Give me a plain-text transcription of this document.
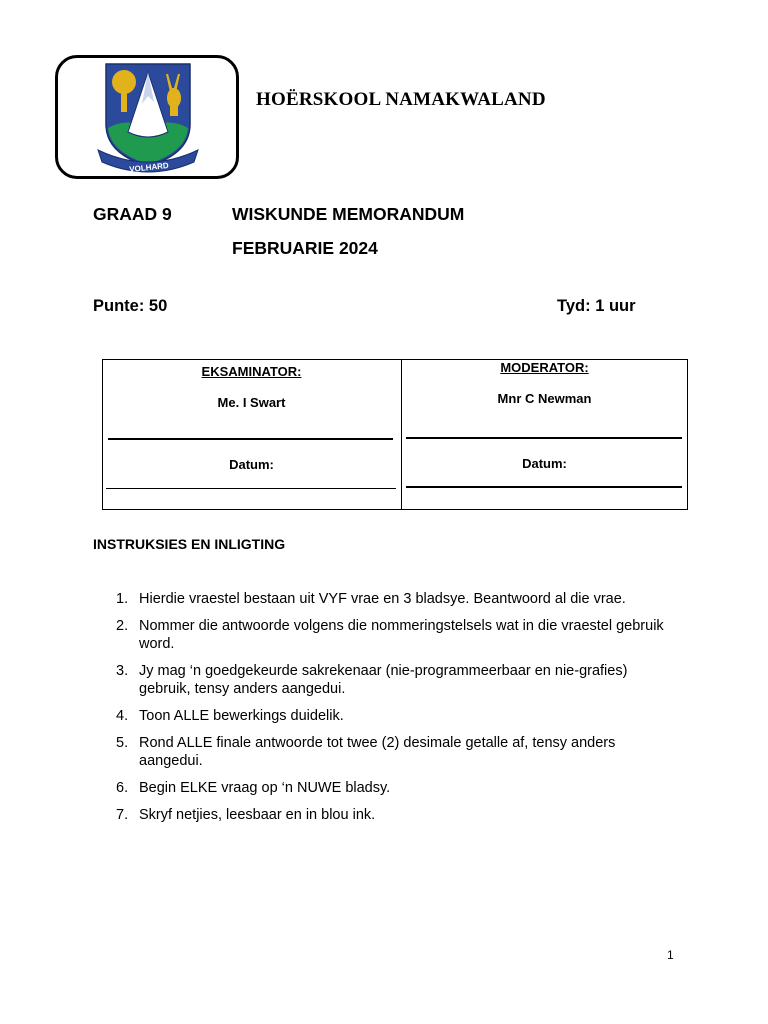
VOLHARD
HOËRSKOOL NAMAKWALAND
GRAAD 9	WISKUNDE MEMORANDUM
FEBRUARIE 2024
Punte: 50	Tyd: 1 uur
EKSAMINATOR:
Me. I Swart
Datum:
MODERATOR:
Mnr C Newman
Datum:
INSTRUKSIES EN INLIGTING
1. Hierdie vraestel bestaan uit VYF vrae en 3 bladsye. Beantwoord al die vrae.
2. Nommer die antwoorde volgens die nommeringstelsels wat in die vraestel gebruik word.
3. Jy mag ‘n goedgekeurde sakrekenaar (nie-programmeerbaar en nie-grafies) gebruik, tensy anders aangedui.
4. Toon ALLE bewerkings duidelik.
5. Rond ALLE finale antwoorde tot twee (2) desimale getalle af, tensy anders aangedui.
6. Begin ELKE vraag op ‘n NUWE bladsy.
7. Skryf netjies, leesbaar en in blou ink.
1
